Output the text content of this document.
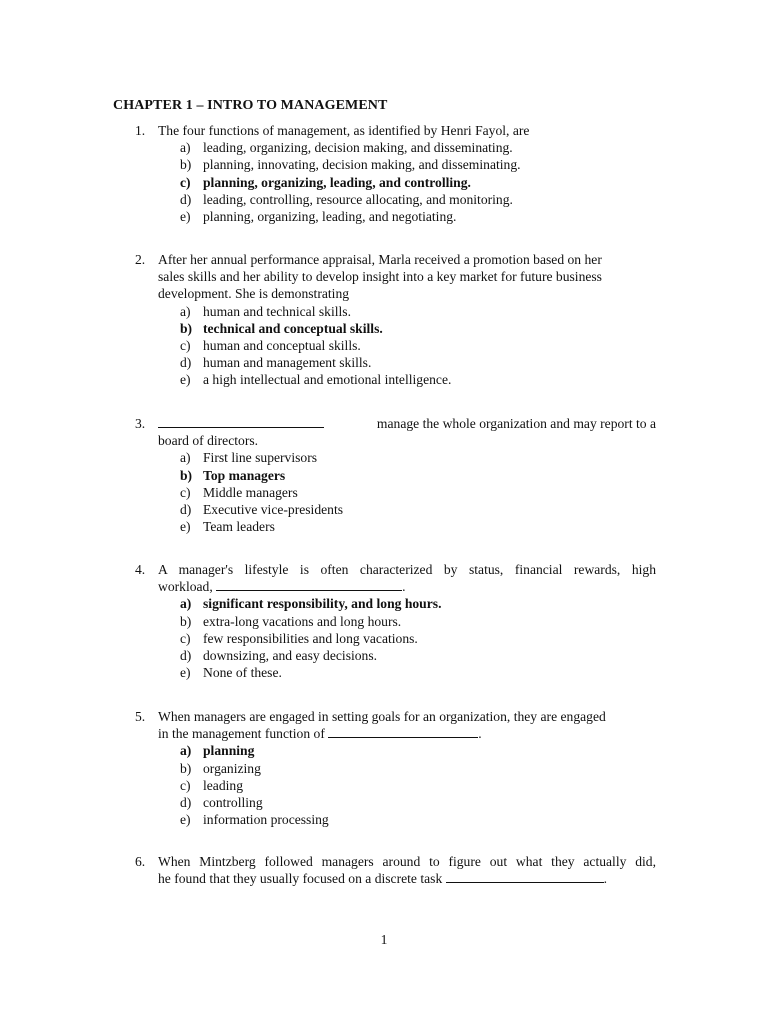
CHAPTER 1 – INTRO TO MANAGEMENT
1. The four functions of management, as identified by Henri Fayol, are
a) leading, organizing, decision making, and disseminating.
b) planning, innovating, decision making, and disseminating.
c) planning, organizing, leading, and controlling.
d) leading, controlling, resource allocating, and monitoring.
e) planning, organizing, leading, and negotiating.
2. After her annual performance appraisal, Marla received a promotion based on her
sales skills and her ability to develop insight into a key market for future business
development. She is demonstrating
a) human and technical skills.
b) technical and conceptual skills.
c) human and conceptual skills.
d) human and management skills.
e) a high intellectual and emotional intelligence.
3.	manage the whole organization and may report to a
board of directors.
a) First line supervisors
b) Top managers
c) Middle managers
d) Executive vice-presidents
e) Team leaders
4. A manager's lifestyle is often characterized by status, financial rewards, high
workload,	.
a) significant responsibility, and long hours.
b) extra-long vacations and long hours.
c) few responsibilities and long vacations.
d) downsizing, and easy decisions.
e) None of these.
5. When managers are engaged in setting goals for an organization, they are engaged
in the management function of	.
a) planning
b) organizing
c) leading
d) controlling
e) information processing
6. When Mintzberg followed managers around to figure out what they actually did,
he found that they usually focused on a discrete task	.
1
